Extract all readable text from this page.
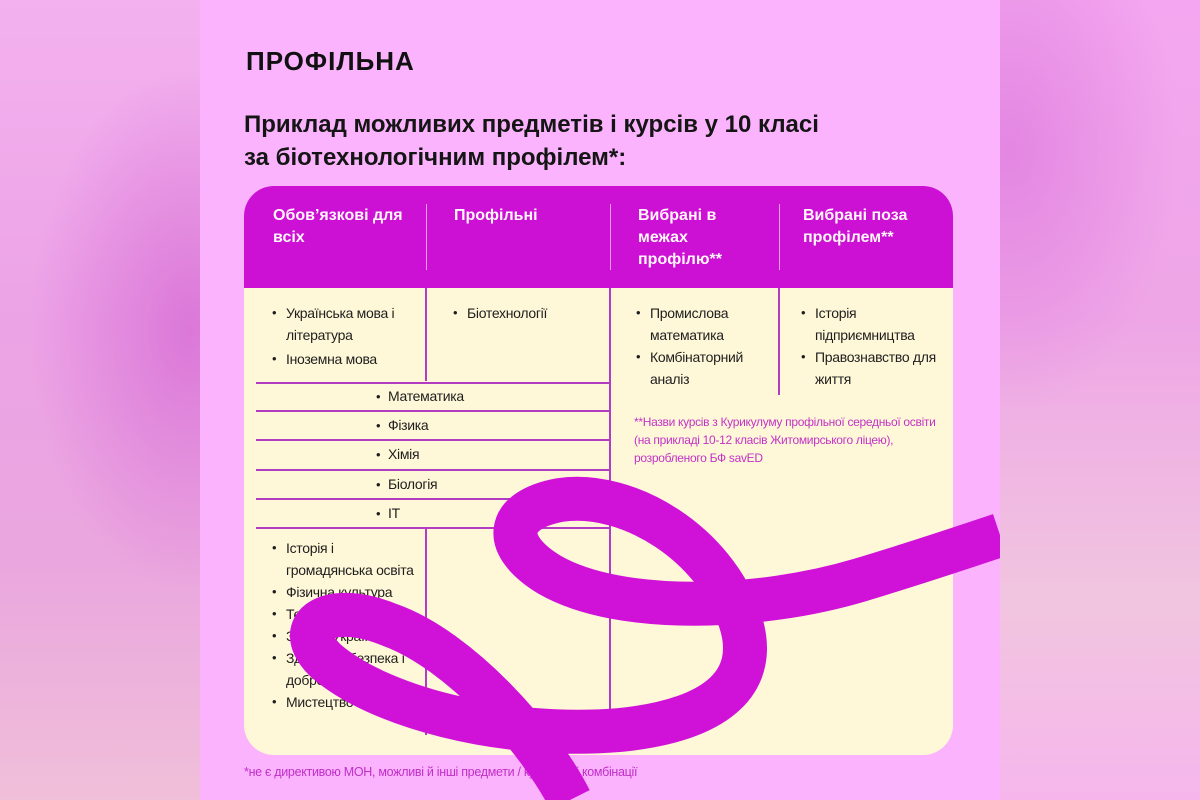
ПРОФІЛЬНА
Приклад можливих предметів і курсів у 10 класі
за біотехнологічним профілем*:
Обов’язкові для всіх
Профільні	Вибрані в межах профілю**
Вибрані поза профілем**
• Українська мова і література
• Іноземна мова
• Біотехнології
• Математика
• Фізика
• Хімія
• Біологія
• IT
• Історія і громадянська освіта
• Фізична культура
• Технології
• Захист України
• Здоров’я, безпека і добробут
• Мистецтво
• Промислова математика
• Комбінаторний аналіз
• Історія підприємництва
• Правознавство для життя
**Назви курсів з Курикулуму профільної середньої освіти (на прикладі 10-12 класів Житомирського ліцею), розробленого БФ savED
*не є директивою МОН, можливі й інші предмети / курси, їхні комбінації
